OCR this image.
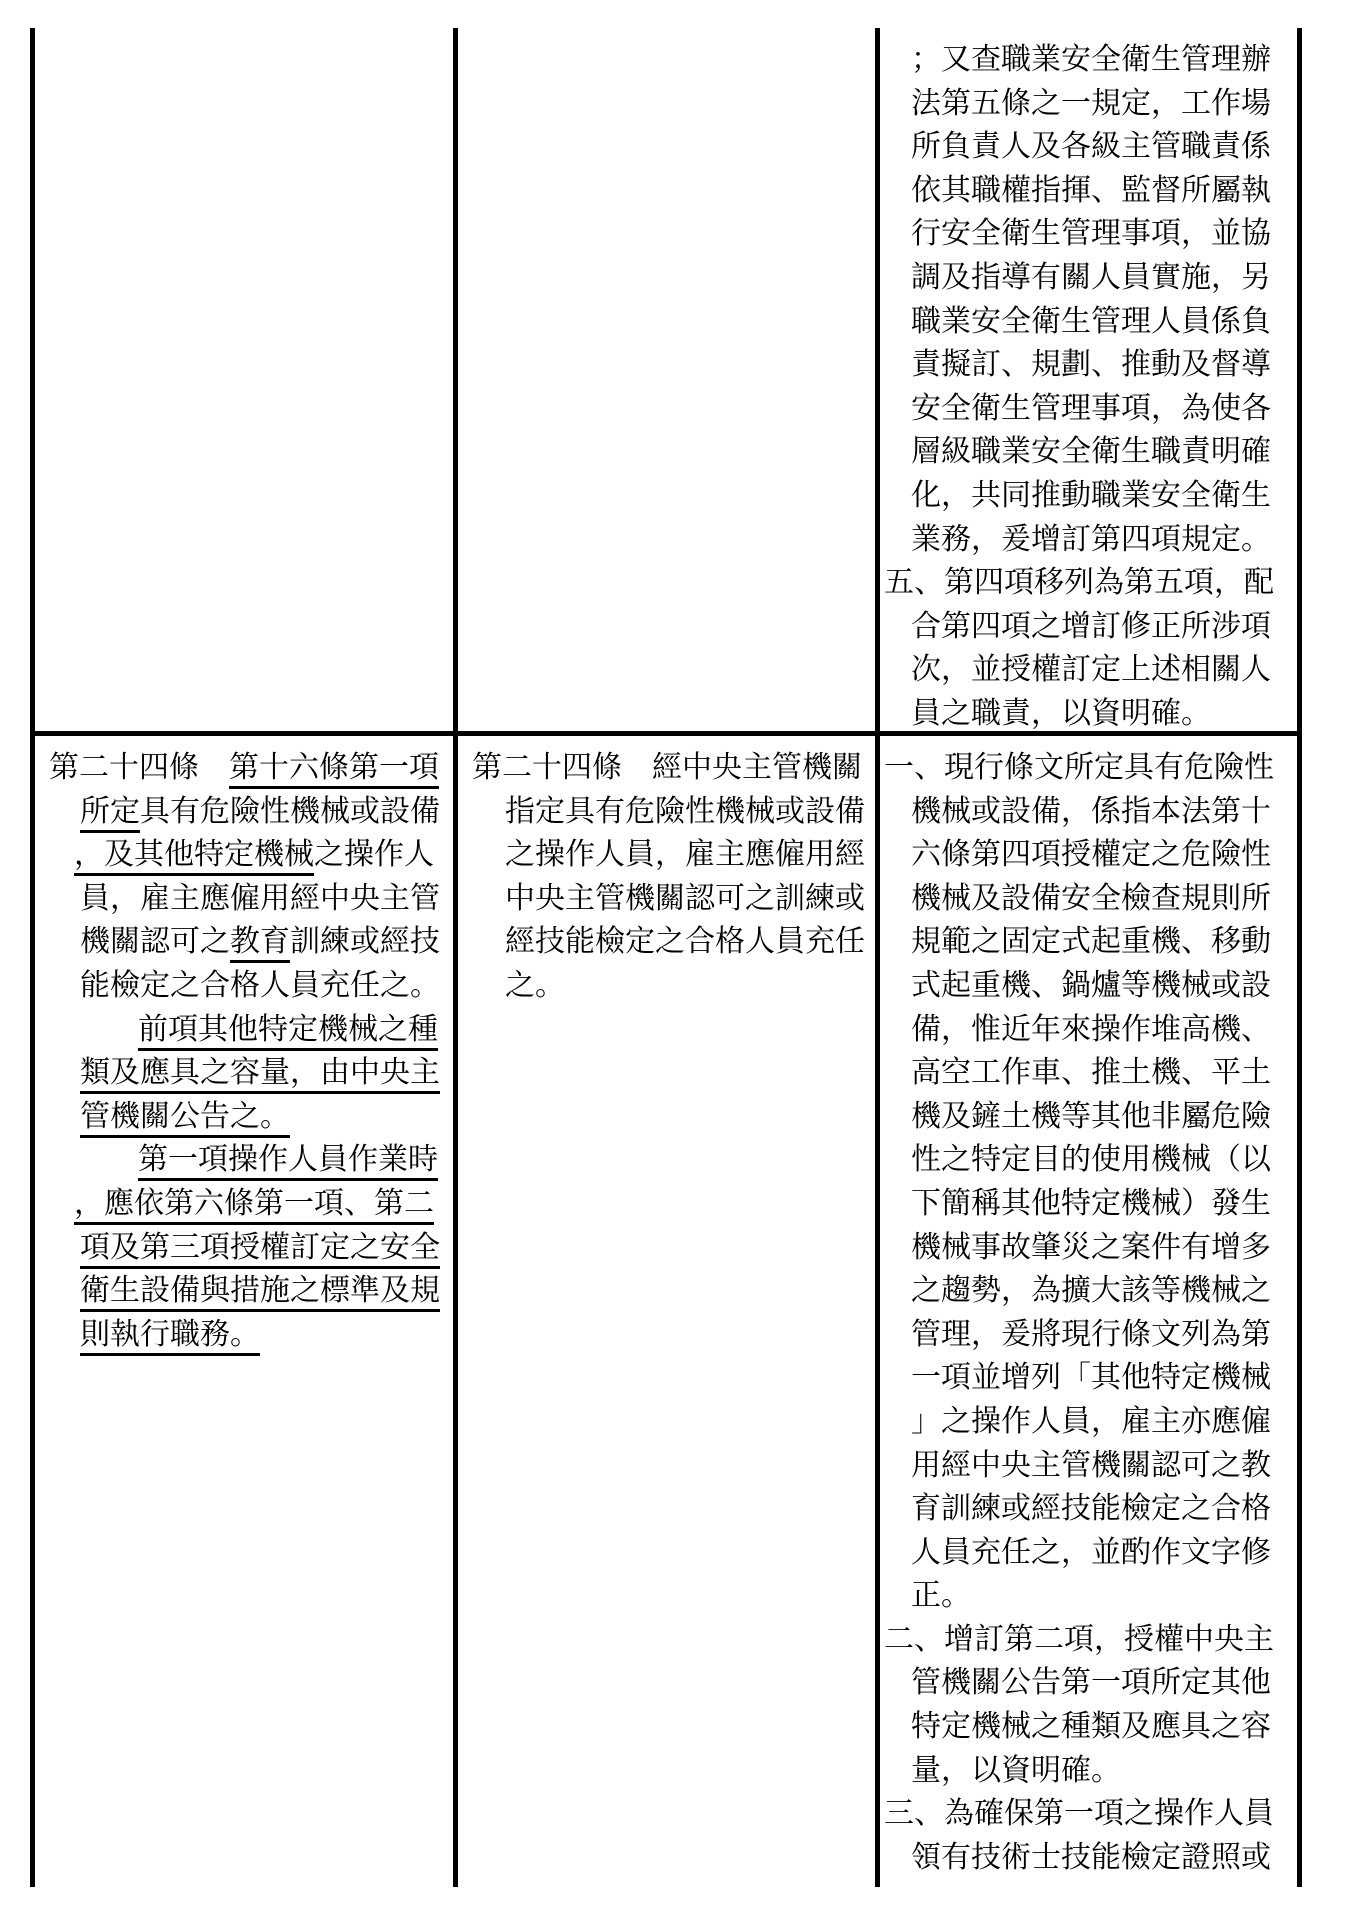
；又查職業安全衛生管理辦
法第五條之一規定，工作場
所負責人及各級主管職責係
依其職權指揮、監督所屬執
行安全衛生管理事項，並協
調及指導有關人員實施，另
職業安全衛生管理人員係負
責擬訂、規劃、推動及督導
安全衛生管理事項，為使各
層級職業安全衛生職責明確
化，共同推動職業安全衛生
業務，爰增訂第四項規定。
五、第四項移列為第五項，配
合第四項之增訂修正所涉項
次，並授權訂定上述相關人
員之職責，以資明確。
第二十四條　第十六條第一項
所定具有危險性機械或設備
，及其他特定機械之操作人
員，雇主應僱用經中央主管
機關認可之教育訓練或經技
能檢定之合格人員充任之。
前項其他特定機械之種
類及應具之容量，由中央主
管機關公告之。
第一項操作人員作業時
，應依第六條第一項、第二
項及第三項授權訂定之安全
衛生設備與措施之標準及規
則執行職務。
第二十四條　經中央主管機關
指定具有危險性機械或設備
之操作人員，雇主應僱用經
中央主管機關認可之訓練或
經技能檢定之合格人員充任
之。
一、現行條文所定具有危險性
機械或設備，係指本法第十
六條第四項授權定之危險性
機械及設備安全檢查規則所
規範之固定式起重機、移動
式起重機、鍋爐等機械或設
備，惟近年來操作堆高機、
高空工作車、推土機、平土
機及鏟土機等其他非屬危險
性之特定目的使用機械（以
下簡稱其他特定機械）發生
機械事故肇災之案件有增多
之趨勢，為擴大該等機械之
管理，爰將現行條文列為第
一項並增列「其他特定機械
」之操作人員，雇主亦應僱
用經中央主管機關認可之教
育訓練或經技能檢定之合格
人員充任之，並酌作文字修
正。
二、增訂第二項，授權中央主
管機關公告第一項所定其他
特定機械之種類及應具之容
量，以資明確。
三、為確保第一項之操作人員
領有技術士技能檢定證照或
